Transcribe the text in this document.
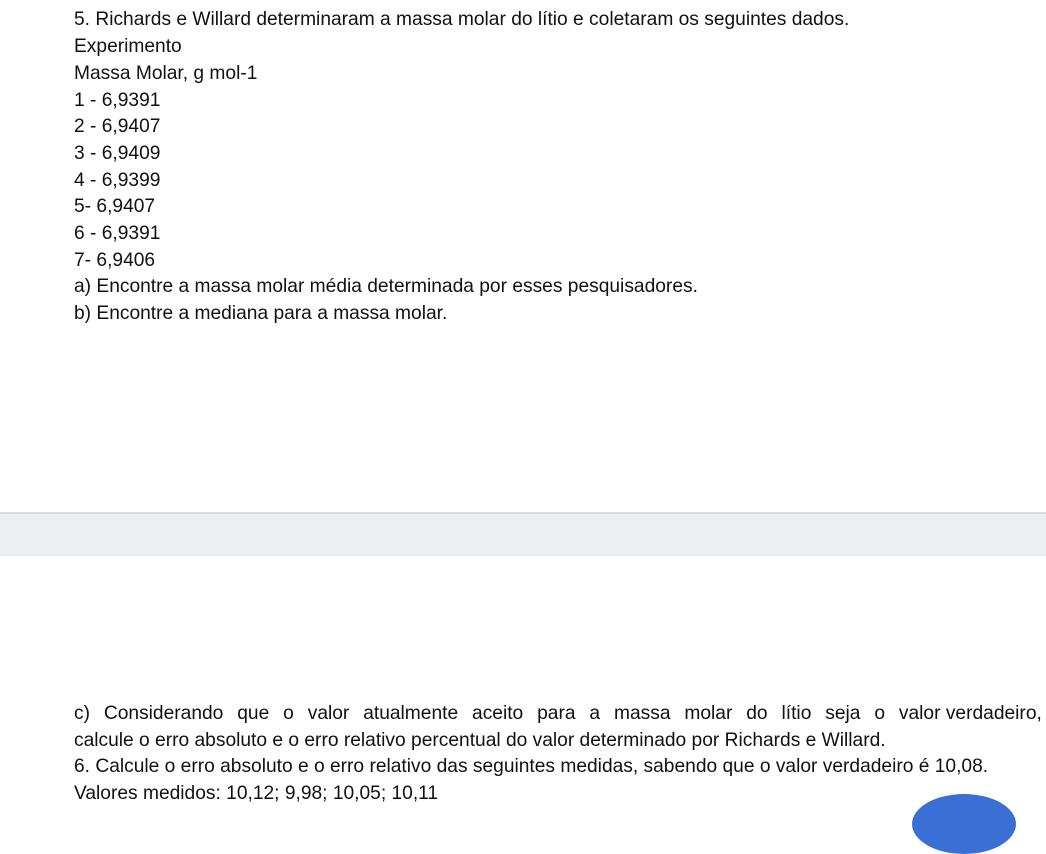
5. Richards e Willard determinaram a massa molar do lítio e coletaram os seguintes dados.
Experimento
Massa Molar, g mol-1
1 - 6,9391
2 - 6,9407
3 - 6,9409
4 - 6,9399
5- 6,9407
6 - 6,9391
7- 6,9406
a) Encontre a massa molar média determinada por esses pesquisadores.
b) Encontre a mediana para a massa molar.
c) Considerando que o valor atualmente aceito para a massa molar do lítio seja o valor verdadeiro,
calcule o erro absoluto e o erro relativo percentual do valor determinado por Richards e Willard.
6. Calcule o erro absoluto e o erro relativo das seguintes medidas, sabendo que o valor verdadeiro é 10,08.
Valores medidos: 10,12; 9,98; 10,05; 10,11
